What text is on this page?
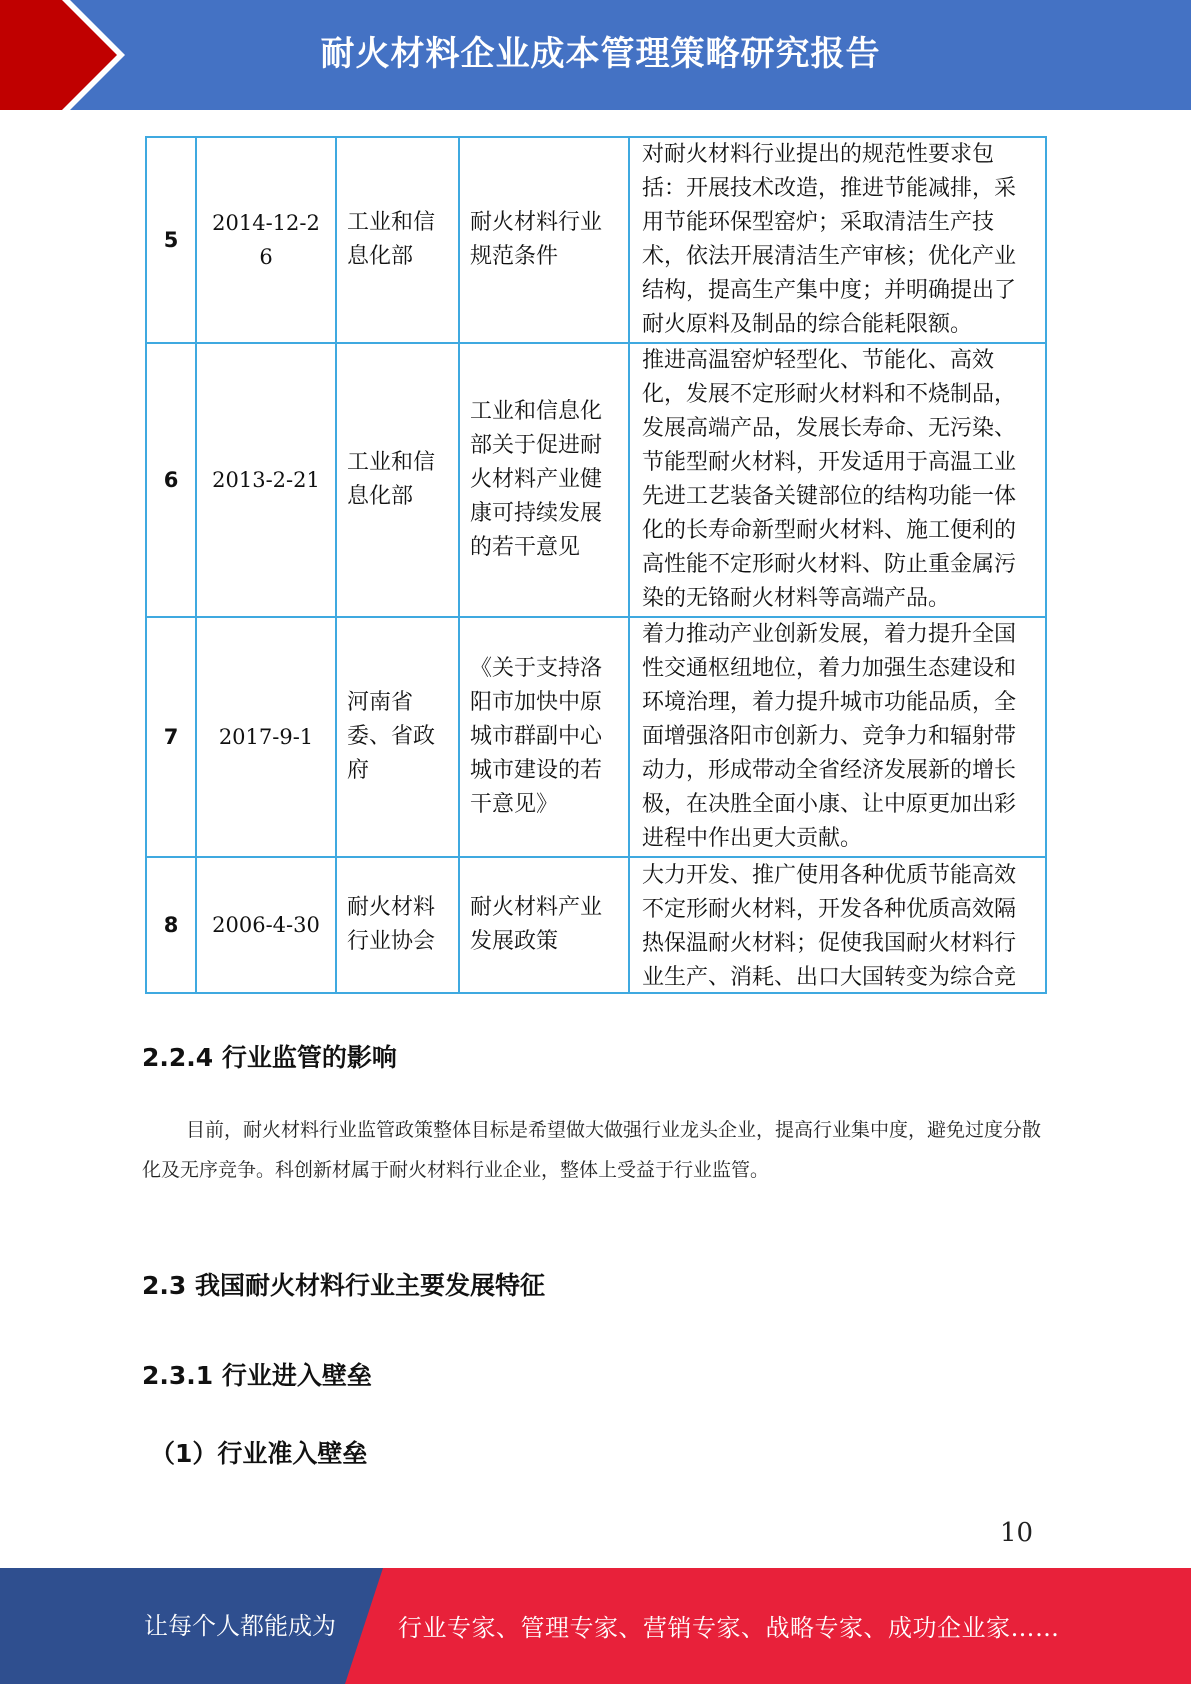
耐火材料企业成本管理策略研究报告
5	2014-12-26	工业和信息化部	耐火材料行业规范条件	对耐火材料行业提出的规范性要求包括：开展技术改造，推进节能减排，采用节能环保型窑炉；采取清洁生产技术，依法开展清洁生产审核；优化产业结构，提高生产集中度；并明确提出了耐火原料及制品的综合能耗限额。
6	2013-2-21	工业和信息化部	工业和信息化部关于促进耐火材料产业健康可持续发展的若干意见	推进高温窑炉轻型化、节能化、高效化，发展不定形耐火材料和不烧制品，发展高端产品，发展长寿命、无污染、节能型耐火材料，开发适用于高温工业先进工艺装备关键部位的结构功能一体化的长寿命新型耐火材料、施工便利的高性能不定形耐火材料、防止重金属污染的无铬耐火材料等高端产品。
7	2017-9-1	河南省委、省政府	《关于支持洛阳市加快中原城市群副中心城市建设的若干意见》	着力推动产业创新发展，着力提升全国性交通枢纽地位，着力加强生态建设和环境治理，着力提升城市功能品质，全面增强洛阳市创新力、竞争力和辐射带动力，形成带动全省经济发展新的增长极，在决胜全面小康、让中原更加出彩进程中作出更大贡献。
8	2006-4-30	耐火材料行业协会	耐火材料产业发展政策	大力开发、推广使用各种优质节能高效不定形耐火材料，开发各种优质高效隔热保温耐火材料；促使我国耐火材料行业生产、消耗、出口大国转变为综合竞
2.2.4 行业监管的影响
目前，耐火材料行业监管政策整体目标是希望做大做强行业龙头企业，提高行业集中度，避免过度分散化及无序竞争。科创新材属于耐火材料行业企业，整体上受益于行业监管。
2.3 我国耐火材料行业主要发展特征
2.3.1 行业进入壁垒
（1）行业准入壁垒
10
让每个人都能成为	行业专家、管理专家、营销专家、战略专家、成功企业家……
